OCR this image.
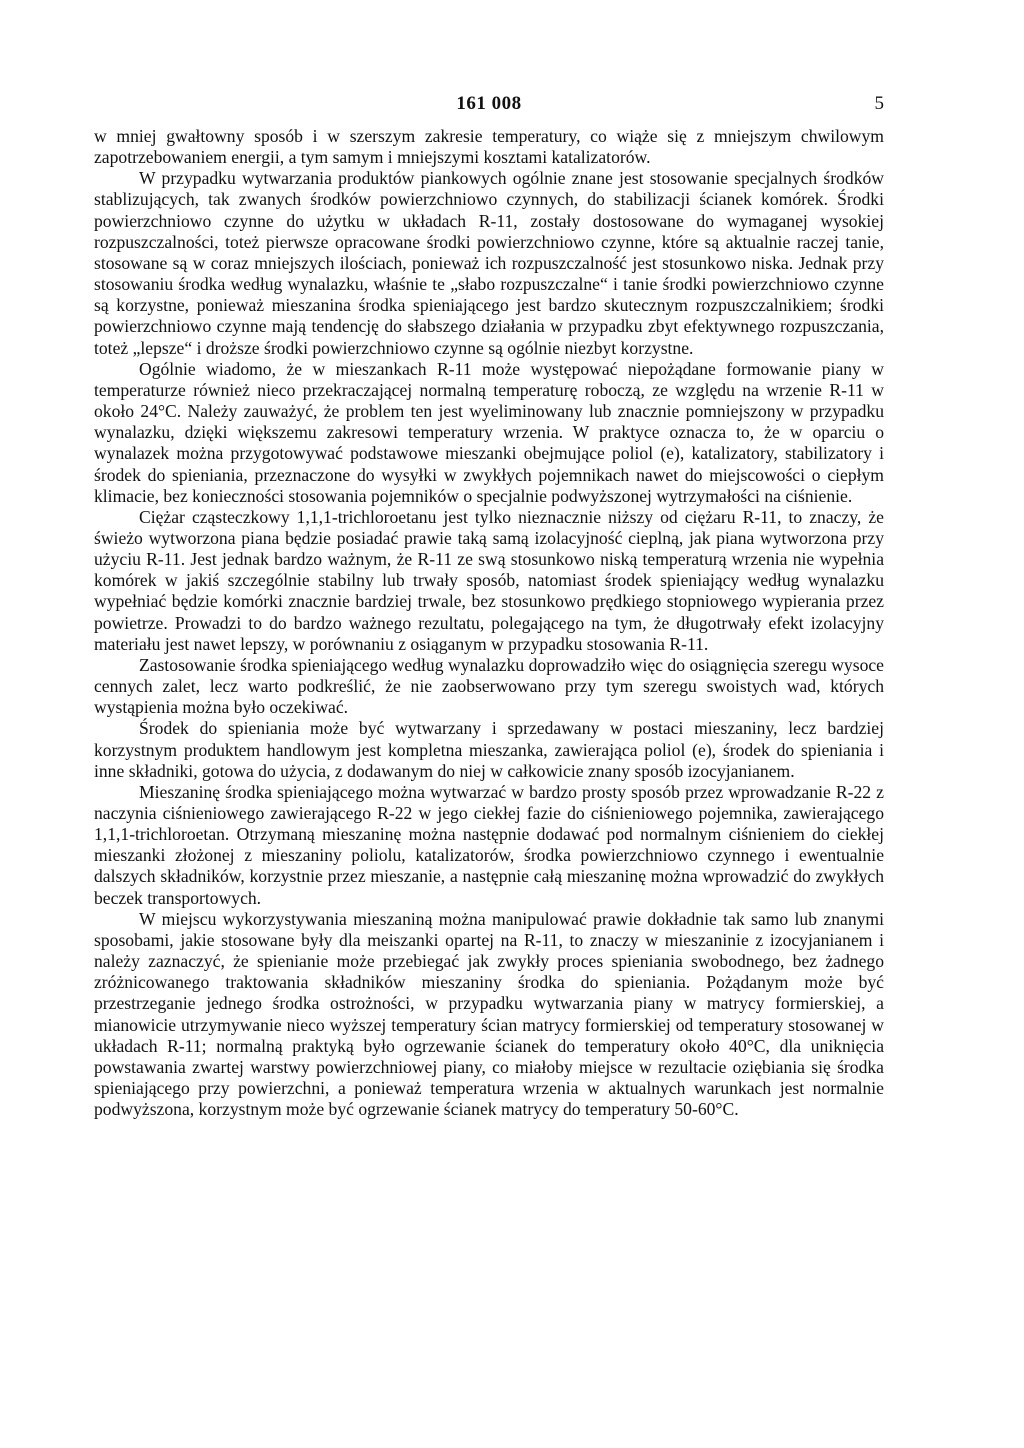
161 008	5

w mniej gwałtowny sposób i w szerszym zakresie temperatury, co wiąże się z mniejszym chwilowym zapotrzebowaniem energii, a tym samym i mniejszymi kosztami katalizatorów.

W przypadku wytwarzania produktów piankowych ogólnie znane jest stosowanie specjalnych środków stablizujących, tak zwanych środków powierzchniowo czynnych, do stabilizacji ścianek komórek. Środki powierzchniowo czynne do użytku w układach R-11, zostały dostosowane do wymaganej wysokiej rozpuszczalności, toteż pierwsze opracowane środki powierzchniowo czynne, które są aktualnie raczej tanie, stosowane są w coraz mniejszych ilościach, ponieważ ich rozpuszczalność jest stosunkowo niska. Jednak przy stosowaniu środka według wynalazku, właśnie te „słabo rozpuszczalne“ i tanie środki powierzchniowo czynne są korzystne, ponieważ mieszanina środka spieniającego jest bardzo skutecznym rozpuszczalnikiem; środki powierzchniowo czynne mają tendencję do słabszego działania w przypadku zbyt efektywnego rozpuszczania, toteż „lepsze“ i droższe środki powierzchniowo czynne są ogólnie niezbyt korzystne.

Ogólnie wiadomo, że w mieszankach R-11 może występować niepożądane formowanie piany w temperaturze również nieco przekraczającej normalną temperaturę roboczą, ze względu na wrzenie R-11 w około 24°C. Należy zauważyć, że problem ten jest wyeliminowany lub znacznie pomniejszony w przypadku wynalazku, dzięki większemu zakresowi temperatury wrzenia. W praktyce oznacza to, że w oparciu o wynalazek można przygotowywać podstawowe mieszanki obejmujące poliol (e), katalizatory, stabilizatory i środek do spieniania, przeznaczone do wysyłki w zwykłych pojemnikach nawet do miejscowości o ciepłym klimacie, bez konieczności stosowania pojemników o specjalnie podwyższonej wytrzymałości na ciśnienie.

Ciężar cząsteczkowy 1,1,1-trichloroetanu jest tylko nieznacznie niższy od ciężaru R-11, to znaczy, że świeżo wytworzona piana będzie posiadać prawie taką samą izolacyjność cieplną, jak piana wytworzona przy użyciu R-11. Jest jednak bardzo ważnym, że R-11 ze swą stosunkowo niską temperaturą wrzenia nie wypełnia komórek w jakiś szczególnie stabilny lub trwały sposób, natomiast środek spieniający według wynalazku wypełniać będzie komórki znacznie bardziej trwale, bez stosunkowo prędkiego stopniowego wypierania przez powietrze. Prowadzi to do bardzo ważnego rezultatu, polegającego na tym, że długotrwały efekt izolacyjny materiału jest nawet lepszy, w porównaniu z osiąganym w przypadku stosowania R-11.

Zastosowanie środka spieniającego według wynalazku doprowadziło więc do osiągnięcia szeregu wysoce cennych zalet, lecz warto podkreślić, że nie zaobserwowano przy tym szeregu swoistych wad, których wystąpienia można było oczekiwać.

Środek do spieniania może być wytwarzany i sprzedawany w postaci mieszaniny, lecz bardziej korzystnym produktem handlowym jest kompletna mieszanka, zawierająca poliol (e), środek do spieniania i inne składniki, gotowa do użycia, z dodawanym do niej w całkowicie znany sposób izocyjanianem.

Mieszaninę środka spieniającego można wytwarzać w bardzo prosty sposób przez wprowadzanie R-22 z naczynia ciśnieniowego zawierającego R-22 w jego ciekłej fazie do ciśnieniowego pojemnika, zawierającego 1,1,1-trichloroetan. Otrzymaną mieszaninę można następnie dodawać pod normalnym ciśnieniem do ciekłej mieszanki złożonej z mieszaniny poliolu, katalizatorów, środka powierzchniowo czynnego i ewentualnie dalszych składników, korzystnie przez mieszanie, a następnie całą mieszaninę można wprowadzić do zwykłych beczek transportowych.

W miejscu wykorzystywania mieszaniną można manipulować prawie dokładnie tak samo lub znanymi sposobami, jakie stosowane były dla meiszanki opartej na R-11, to znaczy w mieszaninie z izocyjanianem i należy zaznaczyć, że spienianie może przebiegać jak zwykły proces spieniania swobodnego, bez żadnego zróżnicowanego traktowania składników mieszaniny środka do spieniania. Pożądanym może być przestrzeganie jednego środka ostrożności, w przypadku wytwarzania piany w matrycy formierskiej, a mianowicie utrzymywanie nieco wyższej temperatury ścian matrycy formierskiej od temperatury stosowanej w układach R-11; normalną praktyką było ogrzewanie ścianek do temperatury około 40°C, dla uniknięcia powstawania zwartej warstwy powierzchniowej piany, co miałoby miejsce w rezultacie oziębiania się środka spieniającego przy powierzchni, a ponieważ temperatura wrzenia w aktualnych warunkach jest normalnie podwyższona, korzystnym może być ogrzewanie ścianek matrycy do temperatury 50-60°C.
